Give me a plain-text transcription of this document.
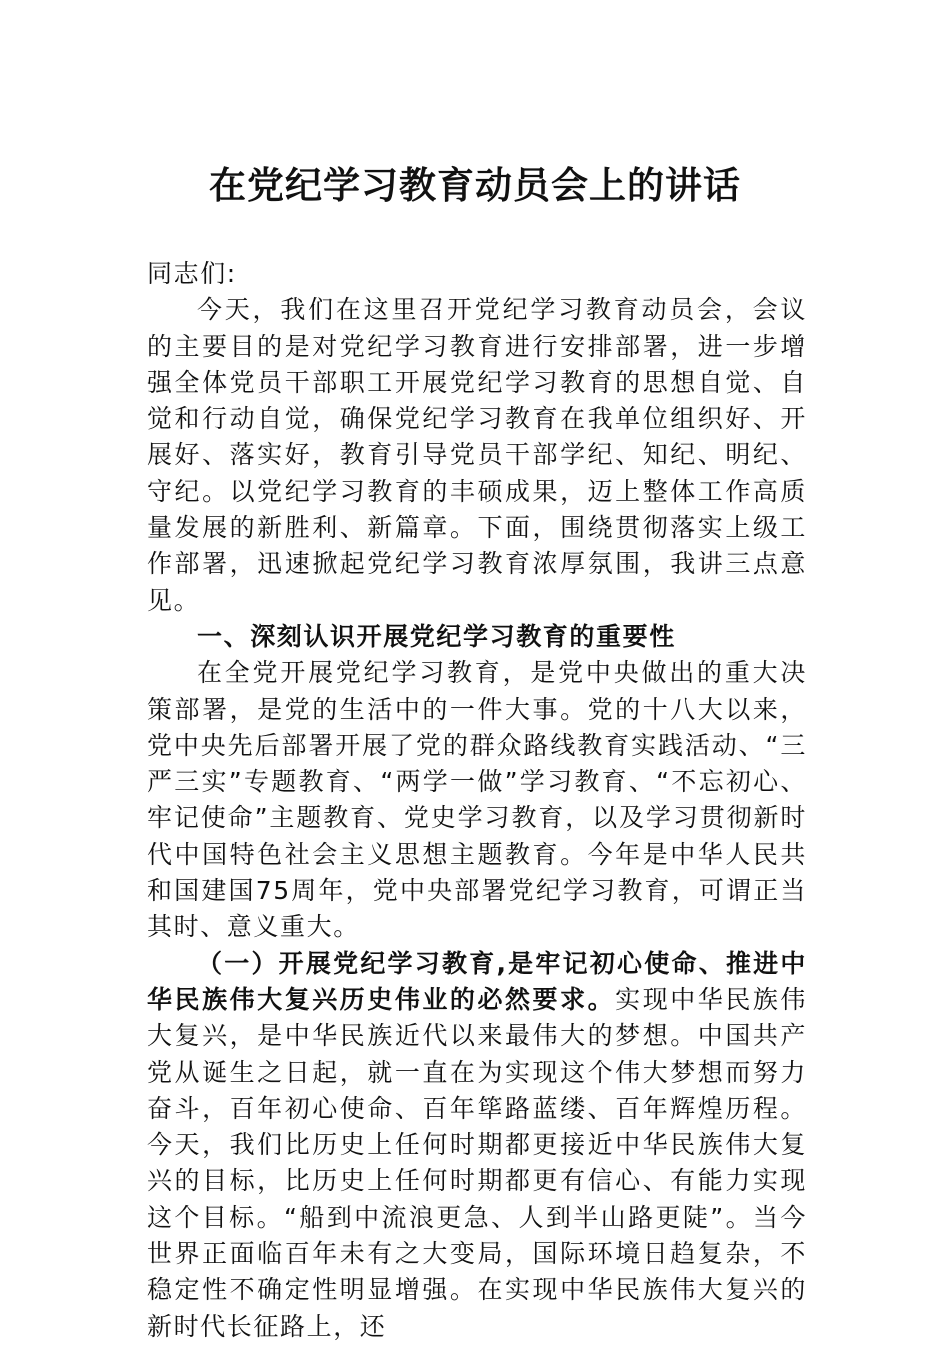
在党纪学习教育动员会上的讲话

同志们:

今天，我们在这里召开党纪学习教育动员会，会议的主要目的是对党纪学习教育进行安排部署，进一步增强全体党员干部职工开展党纪学习教育的思想自觉、自觉和行动自觉，确保党纪学习教育在我单位组织好、开展好、落实好，教育引导党员干部学纪、知纪、明纪、守纪。以党纪学习教育的丰硕成果，迈上整体工作高质量发展的新胜利、新篇章。下面，围绕贯彻落实上级工作部署，迅速掀起党纪学习教育浓厚氛围，我讲三点意见。

一、深刻认识开展党纪学习教育的重要性

在全党开展党纪学习教育，是党中央做出的重大决策部署，是党的生活中的一件大事。党的十八大以来，党中央先后部署开展了党的群众路线教育实践活动、“三严三实”专题教育、“两学一做”学习教育、“不忘初心、牢记使命”主题教育、党史学习教育，以及学习贯彻新时代中国特色社会主义思想主题教育。今年是中华人民共和国建国75周年，党中央部署党纪学习教育，可谓正当其时、意义重大。

（一）开展党纪学习教育,是牢记初心使命、推进中华民族伟大复兴历史伟业的必然要求。实现中华民族伟大复兴，是中华民族近代以来最伟大的梦想。中国共产党从诞生之日起，就一直在为实现这个伟大梦想而努力奋斗，百年初心使命、百年筚路蓝缕、百年辉煌历程。今天，我们比历史上任何时期都更接近中华民族伟大复兴的目标，比历史上任何时期都更有信心、有能力实现这个目标。“船到中流浪更急、人到半山路更陡”。当今世界正面临百年未有之大变局，国际环境日趋复杂，不稳定性不确定性明显增强。在实现中华民族伟大复兴的新时代长征路上，还
